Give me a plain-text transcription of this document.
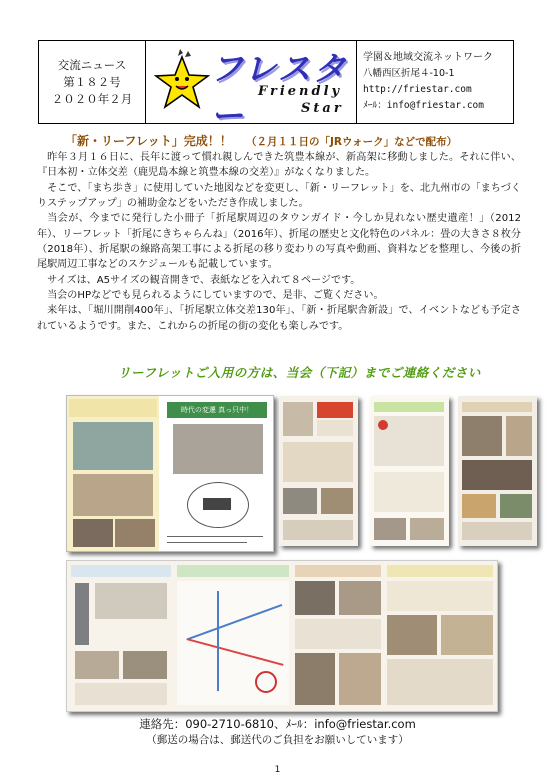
交流ニュース
第１８２号
２０２０年２月
フレスター
Friendly
Star
学園＆地域交流ネットワーク
八幡西区折尾４-10-1
http://friestar.com
ﾒｰﾙ：info@friestar.com
「新・リーフレット」完成！！ （２月１１日の「JRウォーク」などで配布）

昨年３月１６日に、長年に渡って慣れ親しんできた筑豊本線が、新高架に移動しました。それに伴い、『日本初・立体交差（鹿児島本線と筑豊本線の交差）』がなくなりました。

そこで、「まち歩き」に使用していた地図などを変更し、「新・リーフレット」を、北九州市の「まちづくりステップアップ」の補助金などをいただき作成しました。

当会が、今までに発行した小冊子「折尾駅周辺のタウンガイド・今しか見れない歴史遺産！」（2012年）、リーフレット「折尾にきちゃらんね」（2016年）、折尾の歴史と文化特色のパネル：畳の大きさ８枚分（2018年）、折尾駅の線路高架工事による折尾の移り変わりの写真や動画、資料などを整理し、今後の折尾駅周辺工事などのスケジュールも記載しています。

サイズは、A5サイズの観音開きで、表紙などを入れて８ページです。

当会のHPなどでも見られるようにしていますので、是非、ご覧ください。

来年は、「堀川開削400年」、「折尾駅立体交差130年」、「新・折尾駅舎新設」で、イベントなども予定されているようです。また、これからの折尾の街の変化も楽しみです。

リーフレットご入用の方は、当会（下記）までご連絡ください
時代の変遷 真っ只中！
連絡先：090-2710-6810、ﾒｰﾙ：info@friestar.com
（郵送の場合は、郵送代のご負担をお願いしています）
1
